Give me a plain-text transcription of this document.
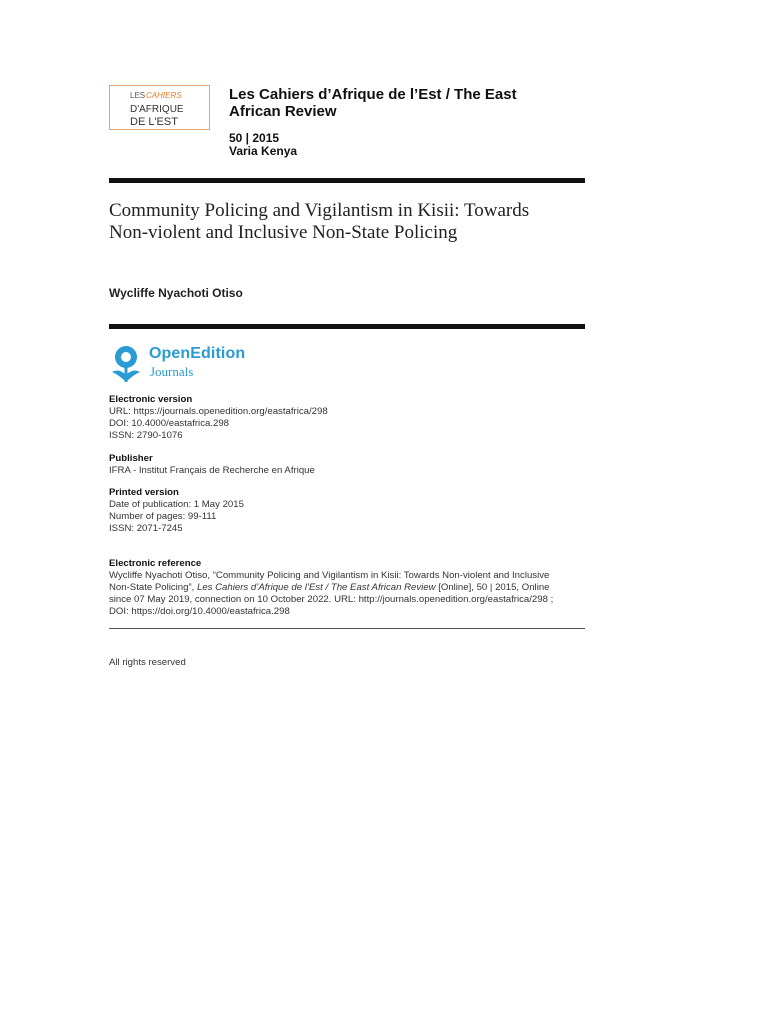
LES CAHIERS
D'AFRIQUE
DE L'EST
Les Cahiers d’Afrique de l’Est / The East African Review
50 | 2015
Varia Kenya
Community Policing and Vigilantism in Kisii: Towards Non-violent and Inclusive Non-State Policing
Wycliffe Nyachoti Otiso
OpenEdition
Journals
Electronic version
URL: https://journals.openedition.org/eastafrica/298
DOI: 10.4000/eastafrica.298
ISSN: 2790-1076
Publisher
IFRA - Institut Français de Recherche en Afrique
Printed version
Date of publication: 1 May 2015
Number of pages: 99-111
ISSN: 2071-7245
Electronic reference
Wycliffe Nyachoti Otiso, “Community Policing and Vigilantism in Kisii: Towards Non-violent and Inclusive Non-State Policing”, Les Cahiers d’Afrique de l’Est / The East African Review [Online], 50 | 2015, Online since 07 May 2019, connection on 10 October 2022. URL: http://journals.openedition.org/eastafrica/298 ; DOI: https://doi.org/10.4000/eastafrica.298
All rights reserved
